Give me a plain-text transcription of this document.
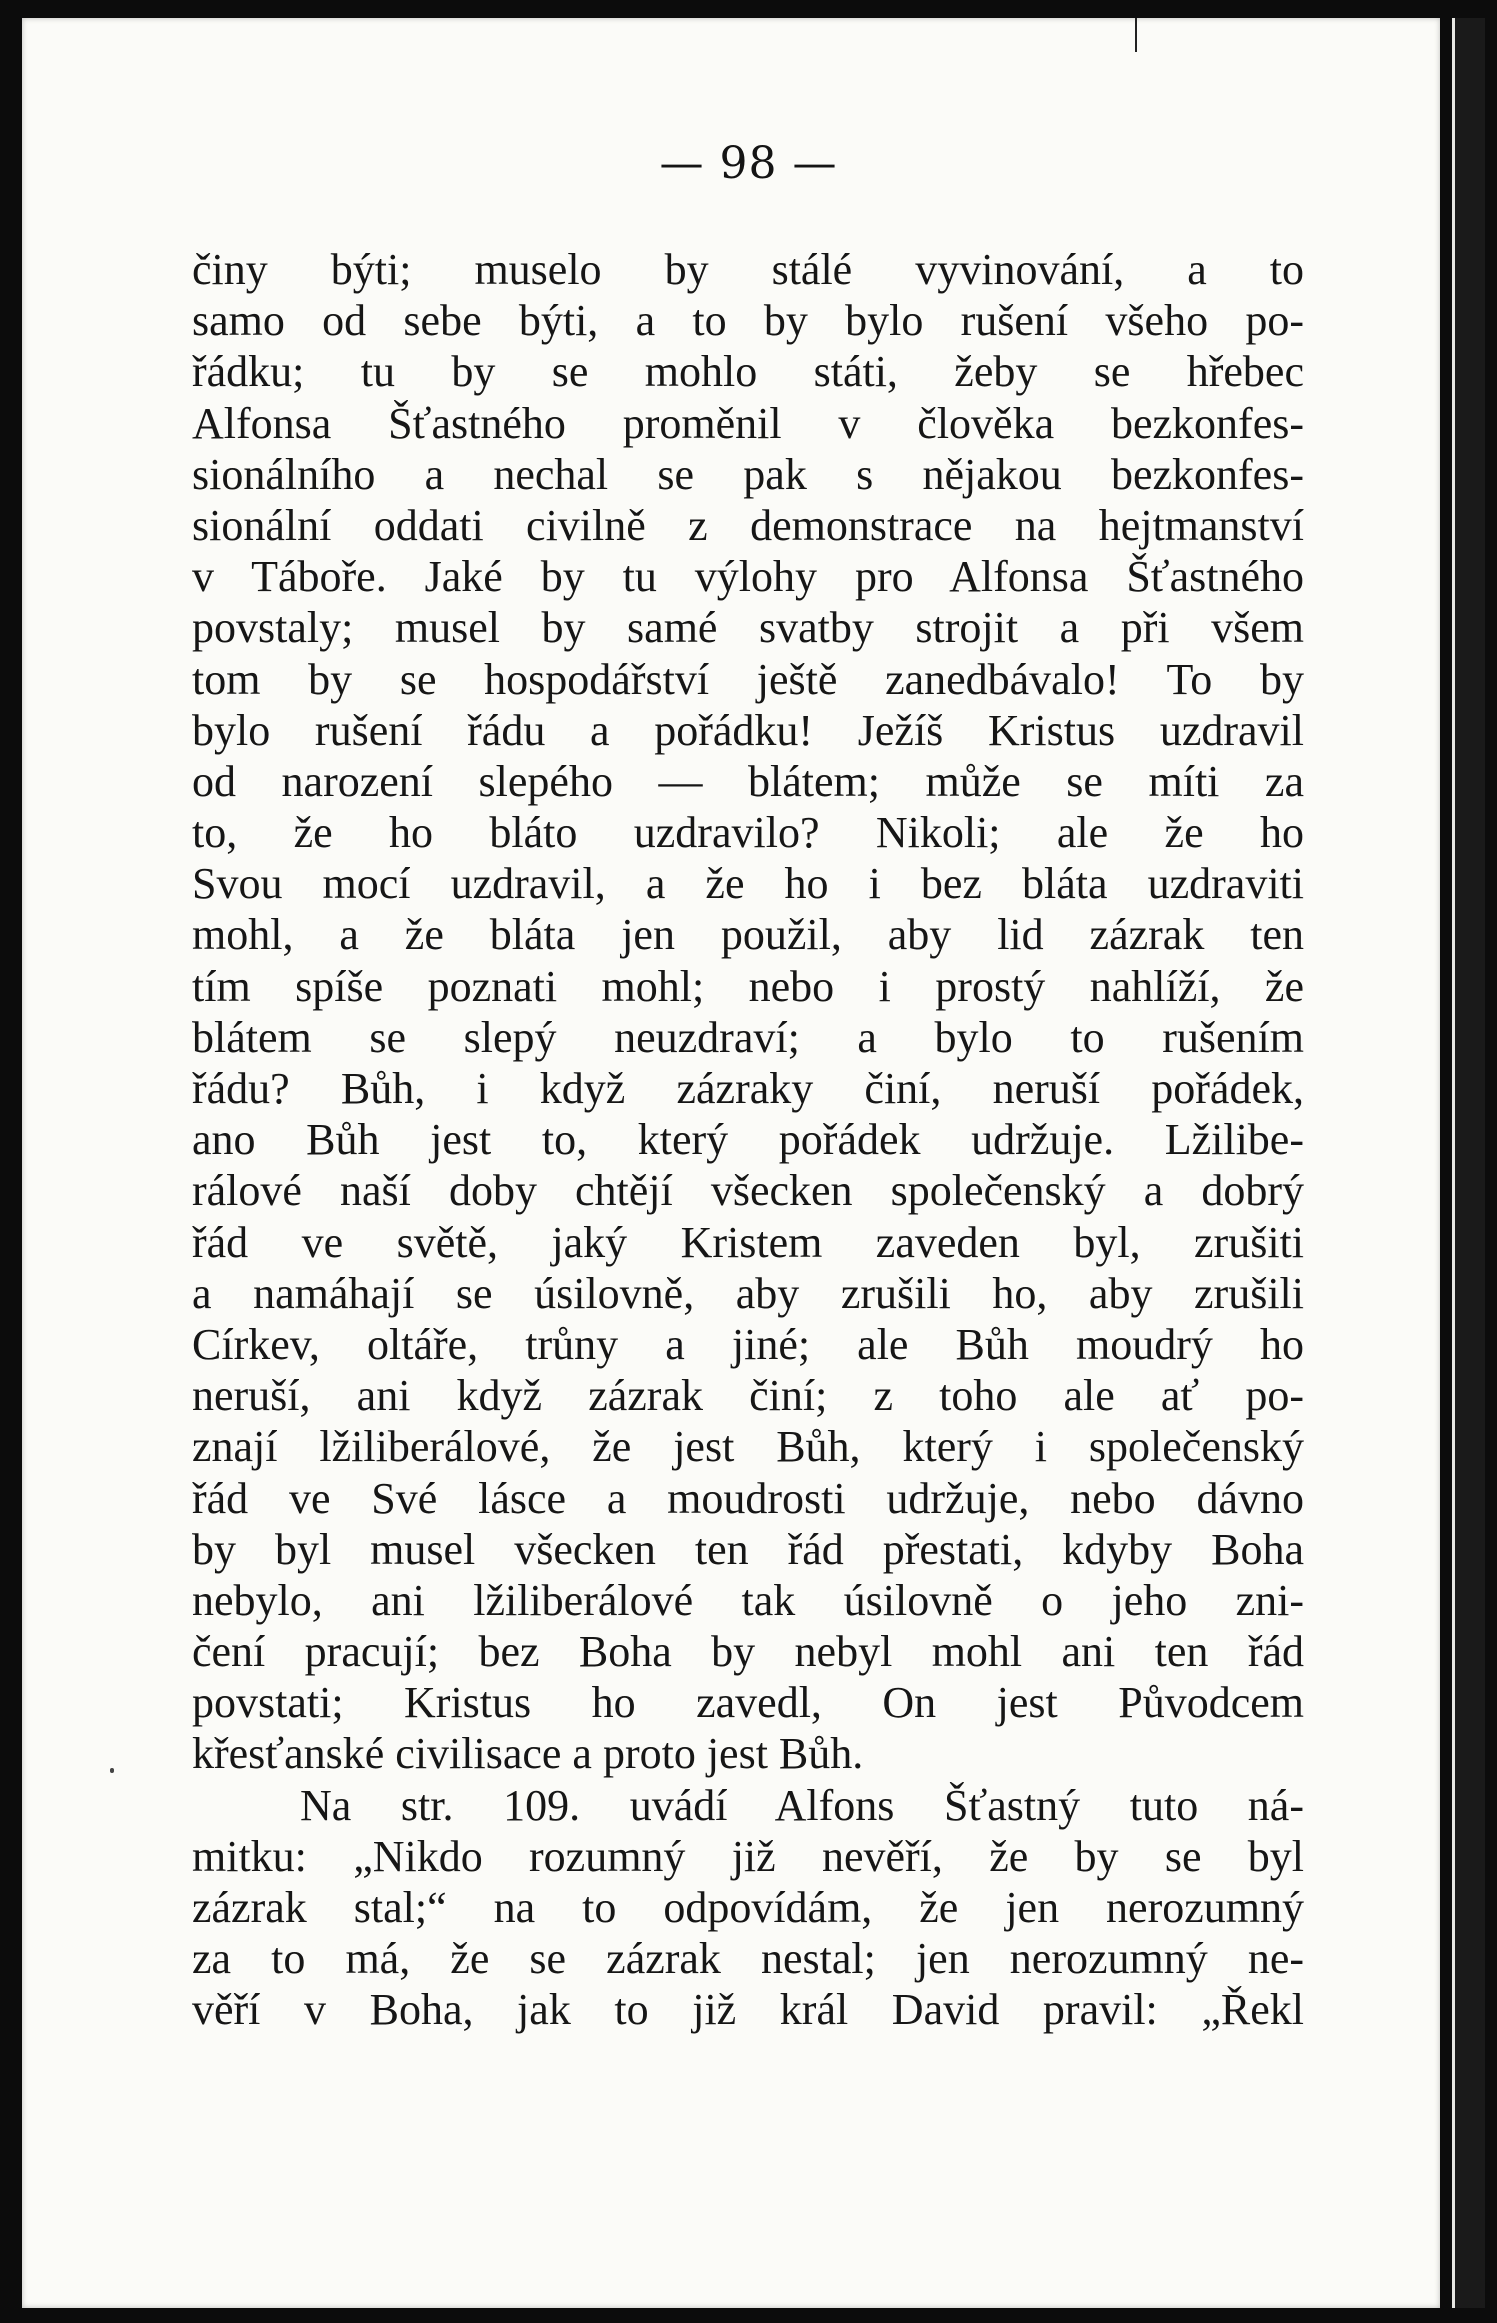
— 98 —
činy býti; muselo by stálé vyvinování, a to
samo od sebe býti, a to by bylo rušení všeho po-
řádku; tu by se mohlo státi, žeby se hřebec
Alfonsa Šťastného proměnil v člověka bezkonfes-
sionálního a nechal se pak s nějakou bezkonfes-
sionální oddati civilně z demonstrace na hejtmanství
v Táboře. Jaké by tu výlohy pro Alfonsa Šťastného
povstaly; musel by samé svatby strojit a při všem
tom by se hospodářství ještě zanedbávalo! To by
bylo rušení řádu a pořádku! Ježíš Kristus uzdravil
od narození slepého — blátem; může se míti za
to, že ho bláto uzdravilo? Nikoli; ale že ho
Svou mocí uzdravil, a že ho i bez bláta uzdraviti
mohl, a že bláta jen použil, aby lid zázrak ten
tím spíše poznati mohl; nebo i prostý nahlíží, že
blátem se slepý neuzdraví; a bylo to rušením
řádu? Bůh, i když zázraky činí, neruší pořádek,
ano Bůh jest to, který pořádek udržuje. Lžilibe-
rálové naší doby chtějí všecken společenský a dobrý
řád ve světě, jaký Kristem zaveden byl, zrušiti
a namáhají se úsilovně, aby zrušili ho, aby zrušili
Církev, oltáře, trůny a jiné; ale Bůh moudrý ho
neruší, ani když zázrak činí; z toho ale ať po-
znají lžiliberálové, že jest Bůh, který i společenský
řád ve Své lásce a moudrosti udržuje, nebo dávno
by byl musel všecken ten řád přestati, kdyby Boha
nebylo, ani lžiliberálové tak úsilovně o jeho zni-
čení pracují; bez Boha by nebyl mohl ani ten řád
povstati; Kristus ho zavedl, On jest Původcem
křesťanské civilisace a proto jest Bůh.
Na str. 109. uvádí Alfons Šťastný tuto ná-
mitku: „Nikdo rozumný již nevěří, že by se byl
zázrak stal;“ na to odpovídám, že jen nerozumný
za to má, že se zázrak nestal; jen nerozumný ne-
věří v Boha, jak to již král David pravil: „Řekl
